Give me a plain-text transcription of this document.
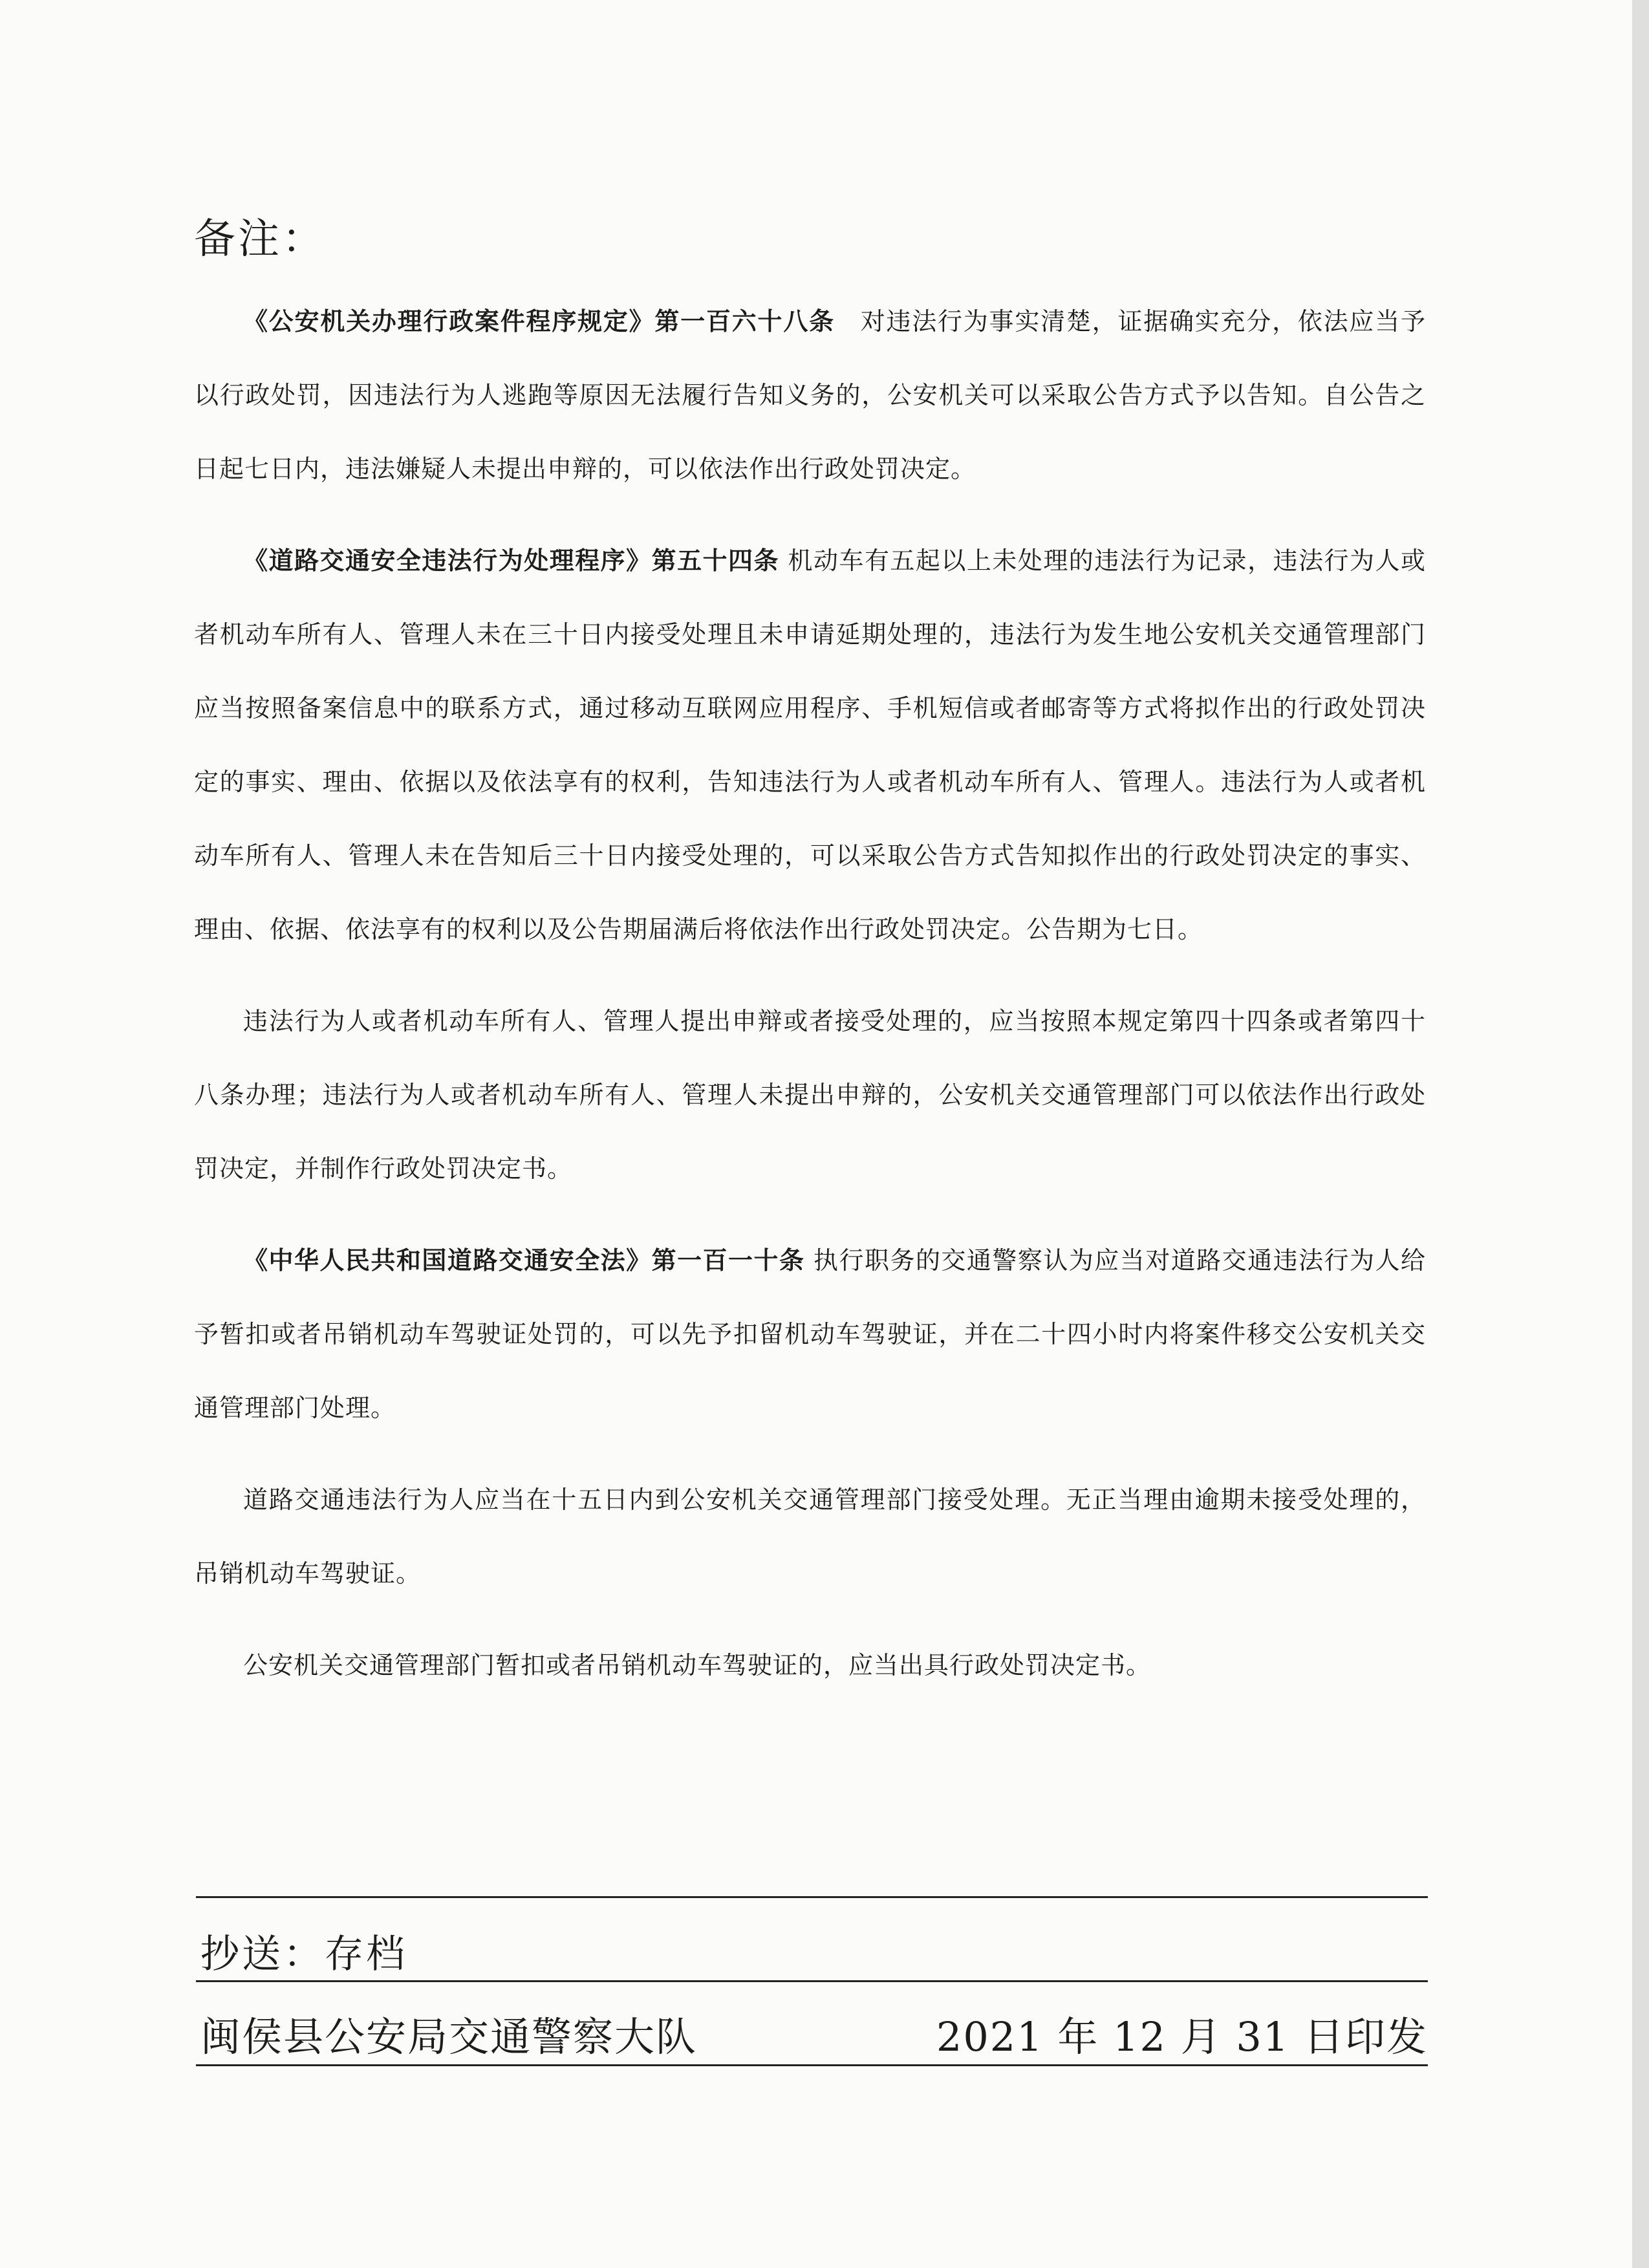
备注：

《公安机关办理行政案件程序规定》第一百六十八条　对违法行为事实清楚，证据确实充分，依法应当予以行政处罚，因违法行为人逃跑等原因无法履行告知义务的，公安机关可以采取公告方式予以告知。自公告之日起七日内，违法嫌疑人未提出申辩的，可以依法作出行政处罚决定。

《道路交通安全违法行为处理程序》第五十四条 机动车有五起以上未处理的违法行为记录，违法行为人或者机动车所有人、管理人未在三十日内接受处理且未申请延期处理的，违法行为发生地公安机关交通管理部门应当按照备案信息中的联系方式，通过移动互联网应用程序、手机短信或者邮寄等方式将拟作出的行政处罚决定的事实、理由、依据以及依法享有的权利，告知违法行为人或者机动车所有人、管理人。违法行为人或者机动车所有人、管理人未在告知后三十日内接受处理的，可以采取公告方式告知拟作出的行政处罚决定的事实、理由、依据、依法享有的权利以及公告期届满后将依法作出行政处罚决定。公告期为七日。

违法行为人或者机动车所有人、管理人提出申辩或者接受处理的，应当按照本规定第四十四条或者第四十八条办理；违法行为人或者机动车所有人、管理人未提出申辩的，公安机关交通管理部门可以依法作出行政处罚决定，并制作行政处罚决定书。

《中华人民共和国道路交通安全法》第一百一十条 执行职务的交通警察认为应当对道路交通违法行为人给予暂扣或者吊销机动车驾驶证处罚的，可以先予扣留机动车驾驶证，并在二十四小时内将案件移交公安机关交通管理部门处理。

道路交通违法行为人应当在十五日内到公安机关交通管理部门接受处理。无正当理由逾期未接受处理的，吊销机动车驾驶证。

公安机关交通管理部门暂扣或者吊销机动车驾驶证的，应当出具行政处罚决定书。

抄送：存档
闽侯县公安局交通警察大队	2021 年 12 月 31 日印发
